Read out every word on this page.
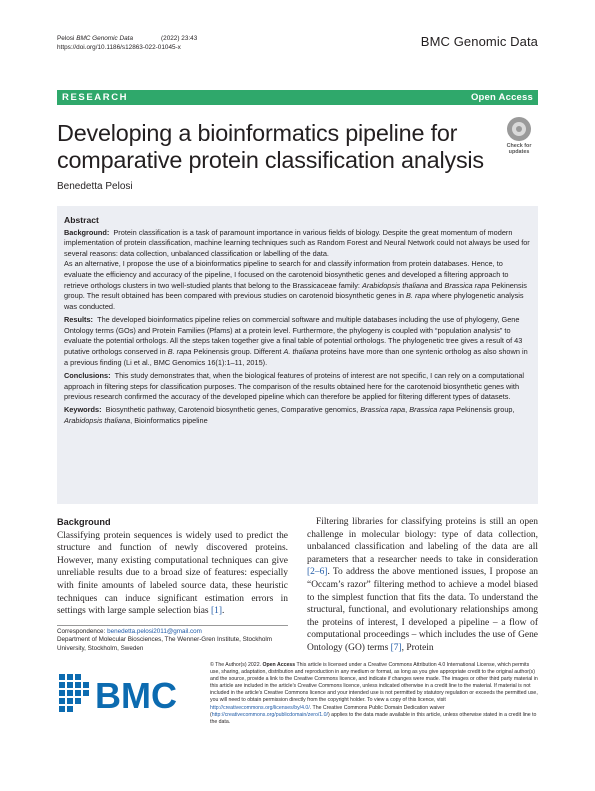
Pelosi
BMC Genomic Data	(2022) 23:43
https://doi.org/10.1186/s12863-022-01045-x	BMC Genomic Data
RESEARCH	Open Access
Developing a bioinformatics pipeline for comparative protein classification analysis
Benedetta Pelosi
Check for
updates
Abstract

Background: Protein classification is a task of paramount importance in various fields of biology. Despite the great momentum of modern implementation of protein classification, machine learning techniques such as Random Forest and Neural Network could not always be used for several reasons: data collection, unbalanced classification or labelling of the data.
As an alternative, I propose the use of a bioinformatics pipeline to search for and classify information from protein databases. Hence, to evaluate the efficiency and accuracy of the pipeline, I focused on the carotenoid biosynthetic genes and developed a filtering approach to retrieve orthologs clusters in two well-studied plants that belong to the Brassicaceae family: Arabidopsis thaliana and Brassica rapa Pekinensis group. The result obtained has been compared with previous studies on carotenoid biosynthetic genes in B. rapa where phylogenetic analysis was conducted.

Results: The developed bioinformatics pipeline relies on commercial software and multiple databases including the use of phylogeny, Gene Ontology terms (GOs) and Protein Families (Pfams) at a protein level. Furthermore, the phylogeny is coupled with “population analysis” to evaluate the potential orthologs. All the steps taken together give a final table of potential orthologs. The phylogenetic tree gives a result of 43 putative orthologs conserved in B. rapa Pekinensis group. Different A. thaliana proteins have more than one syntenic ortholog as also shown in a previous finding (Li et al., BMC Genomics 16(1):1–11, 2015).

Conclusions: This study demonstrates that, when the biological features of proteins of interest are not specific, I can rely on a computational approach in filtering steps for classification purposes. The comparison of the results obtained here for the carotenoid biosynthetic genes with previous research confirmed the accuracy of the developed pipeline which can therefore be applied for filtering different types of datasets.

Keywords: Biosynthetic pathway, Carotenoid biosynthetic genes, Comparative genomics, Brassica rapa, Brassica rapa Pekinensis group, Arabidopsis thaliana, Bioinformatics pipeline

Background

Classifying protein sequences is widely used to predict the structure and function of newly discovered proteins. However, many existing computational techniques can give unreliable results due to a broad size of features: especially with finite amounts of labeled source data, these heuristic techniques can induce significant estimation errors in settings with large sample selection bias [1].

Filtering libraries for classifying proteins is still an open challenge in molecular biology: type of data collection, unbalanced classification and labeling of the data are all parameters that a researcher needs to take in consideration [2–6]. To address the above mentioned issues, I propose an “Occam’s razor” filtering method to achieve a model biased to the simplest function that fits the data. To understand the structural, functional, and evolutionary relationships among the proteins of interest, I developed a pipeline – a flow of computational proceedings – which includes the use of Gene Ontology (GO) terms [7], Protein

Correspondence: benedetta.pelosi2011@gmail.com
Department of Molecular Biosciences, The Wenner-Gren Institute, Stockholm University, Stockholm, Sweden
BMC
© The Author(s) 2022. Open Access This article is licensed under a Creative Commons Attribution 4.0 International License, which permits use, sharing, adaptation, distribution and reproduction in any medium or format, as long as you give appropriate credit to the original author(s) and the source, provide a link to the Creative Commons licence, and indicate if changes were made. The images or other third party material in this article are included in the article’s Creative Commons licence, unless indicated otherwise in a credit line to the material. If material is not included in the article’s Creative Commons licence and your intended use is not permitted by statutory regulation or exceeds the permitted use, you will need to obtain permission directly from the copyright holder. To view a copy of this licence, visit http://creativecommons.org/licenses/by/4.0/. The Creative Commons Public Domain Dedication waiver (http://creativecommons.org/publicdomain/zero/1.0/) applies to the data made available in this article, unless otherwise stated in a credit line to the data.
